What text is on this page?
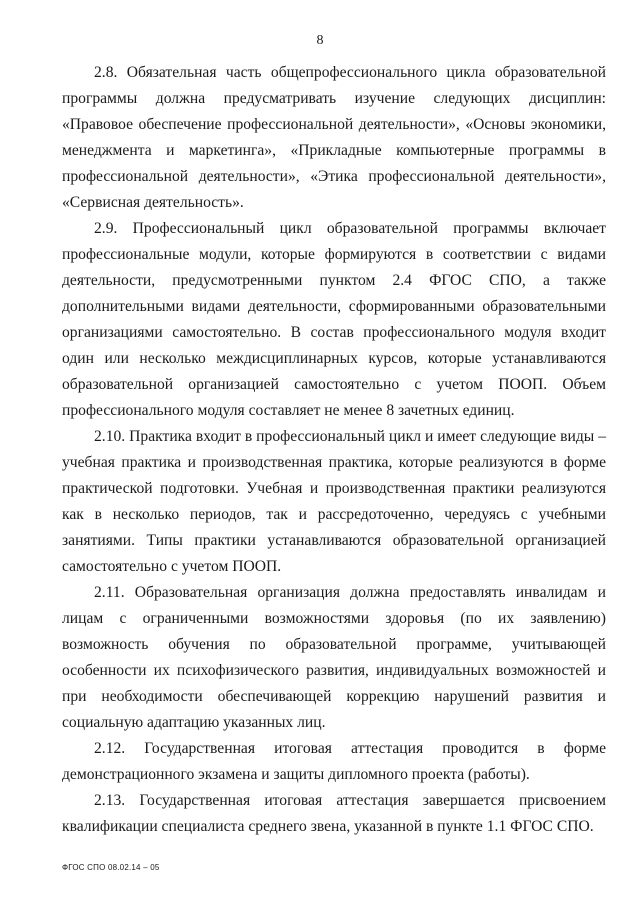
8

2.8. Обязательная часть общепрофессионального цикла образовательной программы должна предусматривать изучение следующих дисциплин: «Правовое обеспечение профессиональной деятельности», «Основы экономики, менеджмента и маркетинга», «Прикладные компьютерные программы в профессиональной деятельности», «Этика профессиональной деятельности», «Сервисная деятельность».

2.9. Профессиональный цикл образовательной программы включает профессиональные модули, которые формируются в соответствии с видами деятельности, предусмотренными пунктом 2.4 ФГОС СПО, а также дополнительными видами деятельности, сформированными образовательными организациями самостоятельно. В состав профессионального модуля входит один или несколько междисциплинарных курсов, которые устанавливаются образовательной организацией самостоятельно с учетом ПООП. Объем профессионального модуля составляет не менее 8 зачетных единиц.

2.10. Практика входит в профессиональный цикл и имеет следующие виды – учебная практика и производственная практика, которые реализуются в форме практической подготовки. Учебная и производственная практики реализуются как в несколько периодов, так и рассредоточенно, чередуясь с учебными занятиями. Типы практики устанавливаются образовательной организацией самостоятельно с учетом ПООП.

2.11. Образовательная организация должна предоставлять инвалидам и лицам с ограниченными возможностями здоровья (по их заявлению) возможность обучения по образовательной программе, учитывающей особенности их психофизического развития, индивидуальных возможностей и при необходимости обеспечивающей коррекцию нарушений развития и социальную адаптацию указанных лиц.

2.12. Государственная итоговая аттестация проводится в форме демонстрационного экзамена и защиты дипломного проекта (работы).

2.13. Государственная итоговая аттестация завершается присвоением квалификации специалиста среднего звена, указанной в пункте 1.1 ФГОС СПО.

ФГОС СПО 08.02.14 – 05
